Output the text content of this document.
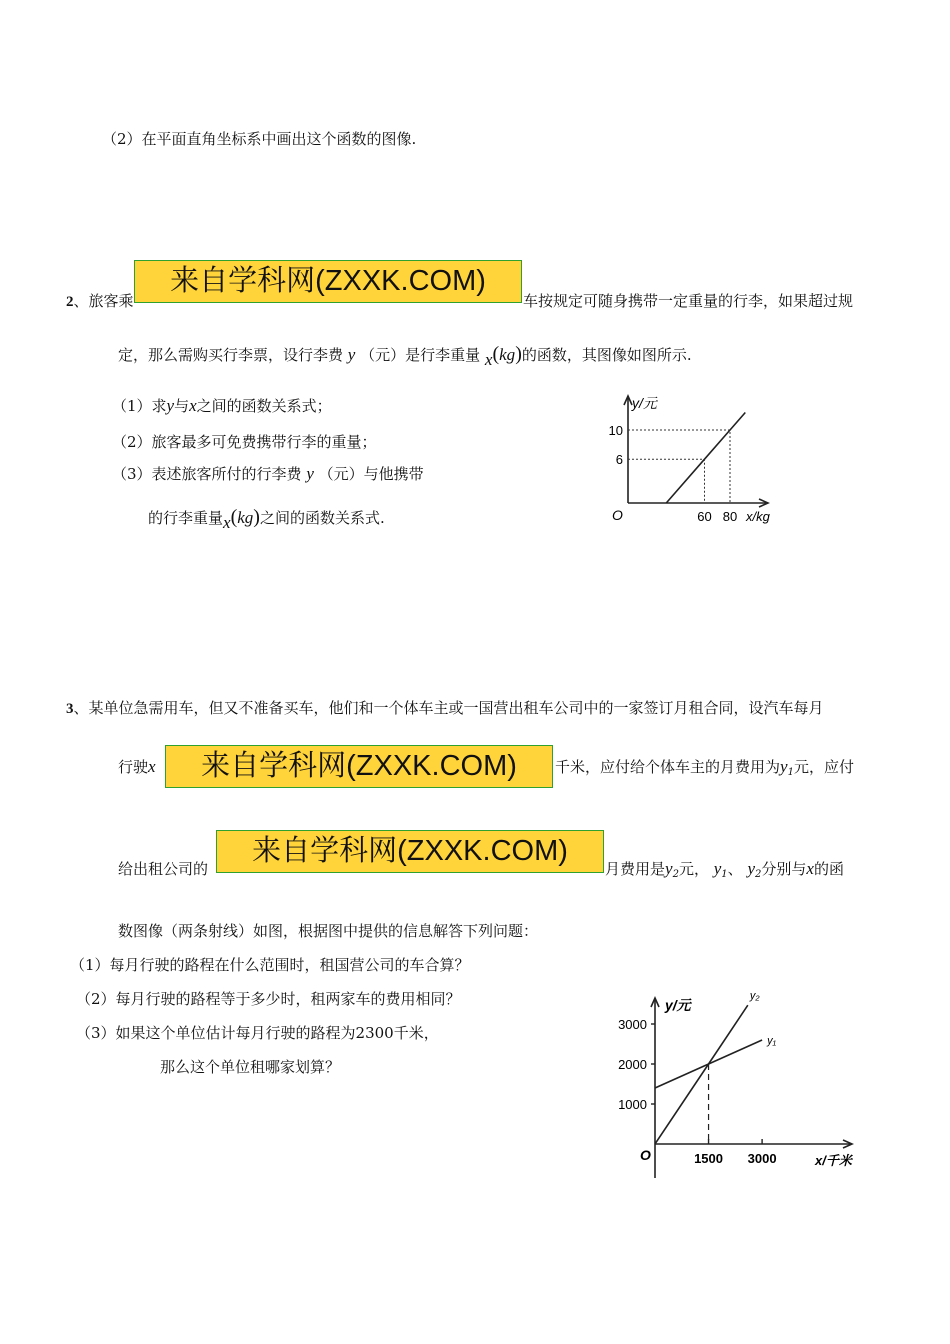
（2）在平面直角坐标系中画出这个函数的图像.
2、旅客乘
来自学科网(ZXXK.COM)
车按规定可随身携带一定重量的行李，如果超过规
定，那么需购买行李票，设行李费 y （元）是行李重量 x(kg)的函数，其图像如图所示.
（1）求y与x之间的函数关系式；
（2）旅客最多可免费携带行李的重量；
（3）表述旅客所付的行李费 y （元）与他携带
的行李重量x(kg)之间的函数关系式.	O	60 80
6
10
y/元
x/kg
3、某单位急需用车，但又不准备买车，他们和一个体车主或一国营出租车公司中的一家签订月租合同，设汽车每月
行驶x	来自学科网(ZXXK.COM)	千米，应付给个体车主的月费用为$y_1$元，应付
给出租公司的
来自学科网(ZXXK.COM)
月费用是$y_2$元， $y_1$、 $y_2$分别与x的函
数图像（两条射线）如图，根据图中提供的信息解答下列问题：
（1）每月行驶的路程在什么范围时，租国营公司的车合算？
（2）每月行驶的路程等于多少时，租两家车的费用相同？
（3）如果这个单位估计每月行驶的路程为2300千米，
那么这个单位租哪家划算？
1000
2000
3000
1500 3000
y₁
y₂
O
y/元
x/千米
